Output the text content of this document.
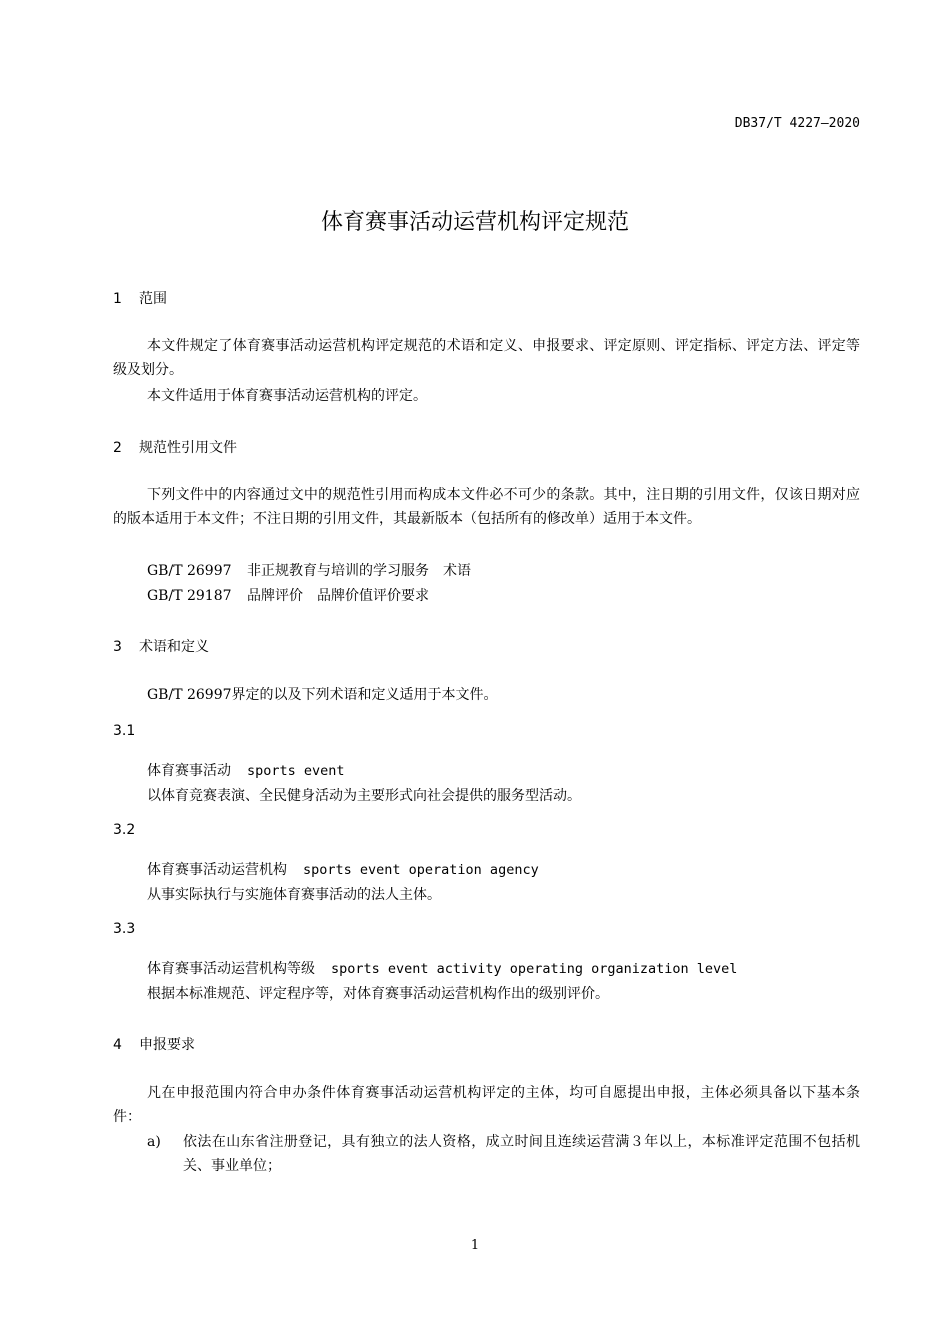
DB37/T 4227—2020
体育赛事活动运营机构评定规范
1 范围
本文件规定了体育赛事活动运营机构评定规范的术语和定义、申报要求、评定原则、评定指标、评定方法、评定等级及划分。
本文件适用于体育赛事活动运营机构的评定。
2 规范性引用文件
下列文件中的内容通过文中的规范性引用而构成本文件必不可少的条款。其中，注日期的引用文件，仅该日期对应的版本适用于本文件；不注日期的引用文件，其最新版本（包括所有的修改单）适用于本文件。
GB/T 26997 非正规教育与培训的学习服务　术语
GB/T 29187 品牌评价　品牌价值评价要求
3 术语和定义
GB/T 26997界定的以及下列术语和定义适用于本文件。
3.1
体育赛事活动 sports event
以体育竞赛表演、全民健身活动为主要形式向社会提供的服务型活动。
3.2
体育赛事活动运营机构 sports event operation agency
从事实际执行与实施体育赛事活动的法人主体。
3.3
体育赛事活动运营机构等级 sports event activity operating organization level
根据本标准规范、评定程序等，对体育赛事活动运营机构作出的级别评价。
4 申报要求
凡在申报范围内符合申办条件体育赛事活动运营机构评定的主体，均可自愿提出申报，主体必须具备以下基本条件：
a)	依法在山东省注册登记，具有独立的法人资格，成立时间且连续运营满３年以上，本标准评定范围不包括机关、事业单位；
1
